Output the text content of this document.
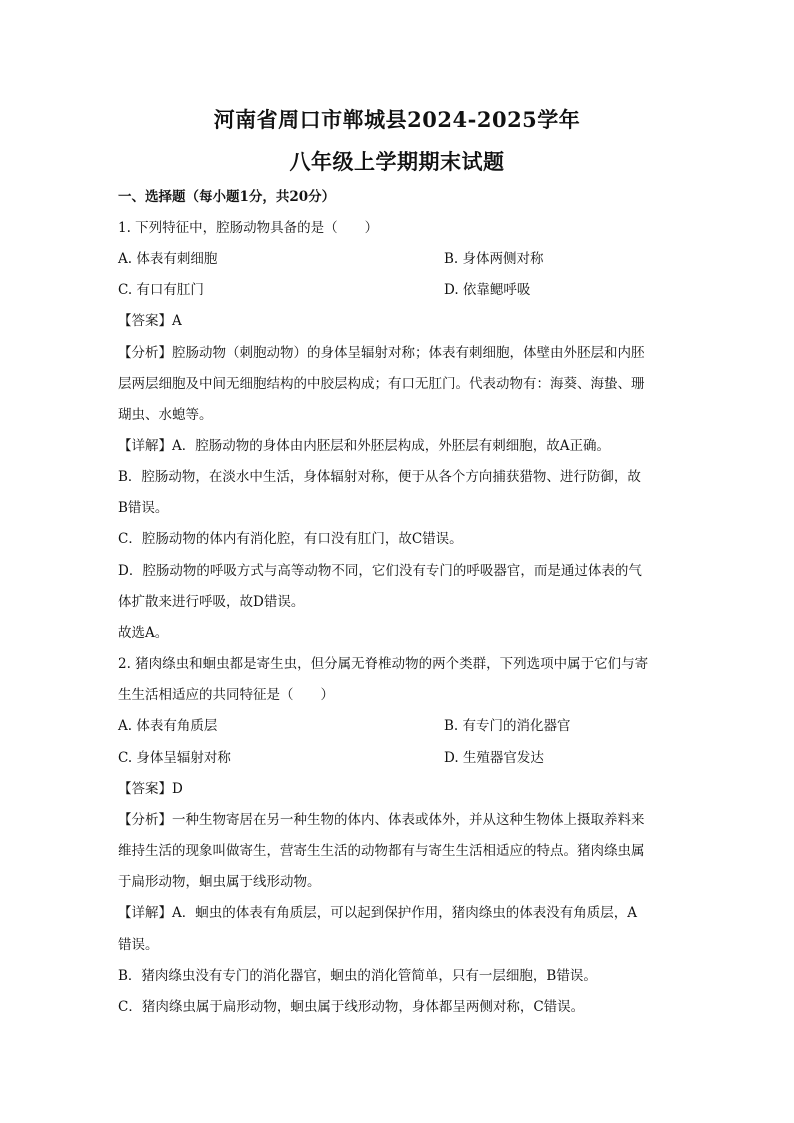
河南省周口市郸城县2024-2025学年
八年级上学期期末试题
一、选择题（每小题1分，共20分）
1. 下列特征中，腔肠动物具备的是（　　）
A. 体表有刺细胞	B. 身体两侧对称
C. 有口有肛门	D. 依靠鳃呼吸
【答案】A
【分析】腔肠动物（刺胞动物）的身体呈辐射对称；体表有刺细胞，体壁由外胚层和内胚
层两层细胞及中间无细胞结构的中胶层构成；有口无肛门。代表动物有：海葵、海蛰、珊
瑚虫、水螅等。
【详解】A．腔肠动物的身体由内胚层和外胚层构成，外胚层有刺细胞，故A正确。
B．腔肠动物，在淡水中生活，身体辐射对称，便于从各个方向捕获猎物、进行防御，故
B错误。
C．腔肠动物的体内有消化腔，有口没有肛门，故C错误。
D．腔肠动物的呼吸方式与高等动物不同，它们没有专门的呼吸器官，而是通过体表的气
体扩散来进行呼吸，故D错误。
故选A。
2. 猪肉绦虫和蛔虫都是寄生虫，但分属无脊椎动物的两个类群，下列选项中属于它们与寄
生生活相适应的共同特征是（　　）
A. 体表有角质层	B. 有专门的消化器官
C. 身体呈辐射对称	D. 生殖器官发达
【答案】D
【分析】一种生物寄居在另一种生物的体内、体表或体外，并从这种生物体上摄取养料来
维持生活的现象叫做寄生，营寄生生活的动物都有与寄生生活相适应的特点。猪肉绦虫属
于扁形动物，蛔虫属于线形动物。
【详解】A．蛔虫的体表有角质层，可以起到保护作用，猪肉绦虫的体表没有角质层，A
错误。
B．猪肉绦虫没有专门的消化器官，蛔虫的消化管简单，只有一层细胞，B错误。
C．猪肉绦虫属于扁形动物，蛔虫属于线形动物，身体都呈两侧对称，C错误。
